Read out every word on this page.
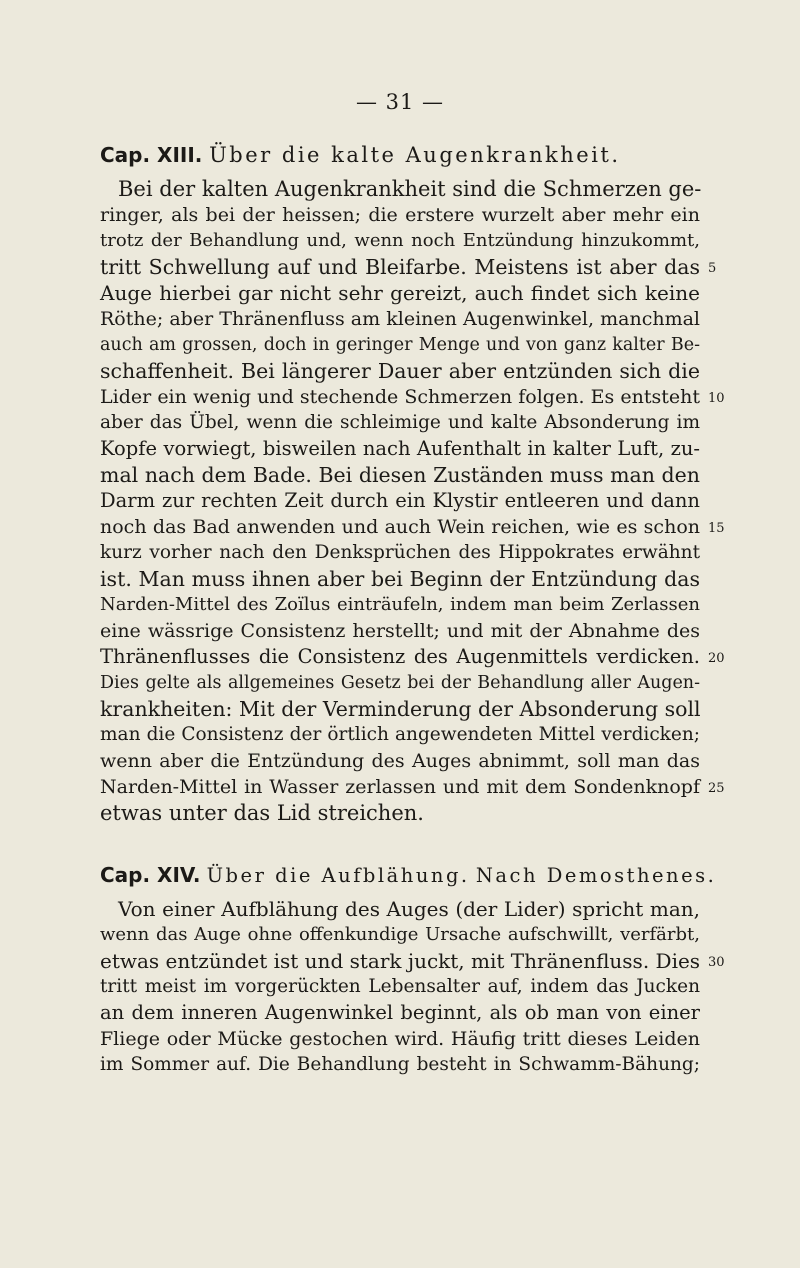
— 31 —
Cap. XIII. Über die kalte Augenkrankheit.
Bei der kalten Augenkrankheit sind die Schmerzen ge-
ringer, als bei der heissen; die erstere wurzelt aber mehr ein
trotz der Behandlung und, wenn noch Entzündung hinzukommt,
tritt Schwellung auf und Bleifarbe. Meistens ist aber das
Auge hierbei gar nicht sehr gereizt, auch findet sich keine
Röthe; aber Thränenfluss am kleinen Augenwinkel, manchmal
auch am grossen, doch in geringer Menge und von ganz kalter Be-
schaffenheit. Bei längerer Dauer aber entzünden sich die
Lider ein wenig und stechende Schmerzen folgen. Es entsteht
aber das Übel, wenn die schleimige und kalte Absonderung im
Kopfe vorwiegt, bisweilen nach Aufenthalt in kalter Luft, zu-
mal nach dem Bade. Bei diesen Zuständen muss man den
Darm zur rechten Zeit durch ein Klystir entleeren und dann
noch das Bad anwenden und auch Wein reichen, wie es schon
kurz vorher nach den Denksprüchen des Hippokrates erwähnt
ist. Man muss ihnen aber bei Beginn der Entzündung das
Narden-Mittel des Zoïlus einträufeln, indem man beim Zerlassen
eine wässrige Consistenz herstellt; und mit der Abnahme des
Thränenflusses die Consistenz des Augenmittels verdicken.
Dies gelte als allgemeines Gesetz bei der Behandlung aller Augen-
krankheiten: Mit der Verminderung der Absonderung soll
man die Consistenz der örtlich angewendeten Mittel verdicken;
wenn aber die Entzündung des Auges abnimmt, soll man das
Narden-Mittel in Wasser zerlassen und mit dem Sondenknopf
etwas unter das Lid streichen.
Cap. XIV. Über die Aufblähung. Nach Demosthenes.
Von einer Aufblähung des Auges (der Lider) spricht man,
wenn das Auge ohne offenkundige Ursache aufschwillt, verfärbt,
etwas entzündet ist und stark juckt, mit Thränenfluss. Dies
tritt meist im vorgerückten Lebensalter auf, indem das Jucken
an dem inneren Augenwinkel beginnt, als ob man von einer
Fliege oder Mücke gestochen wird. Häufig tritt dieses Leiden
im Sommer auf. Die Behandlung besteht in Schwamm-Bähung;
5
10
15
20
25
30
